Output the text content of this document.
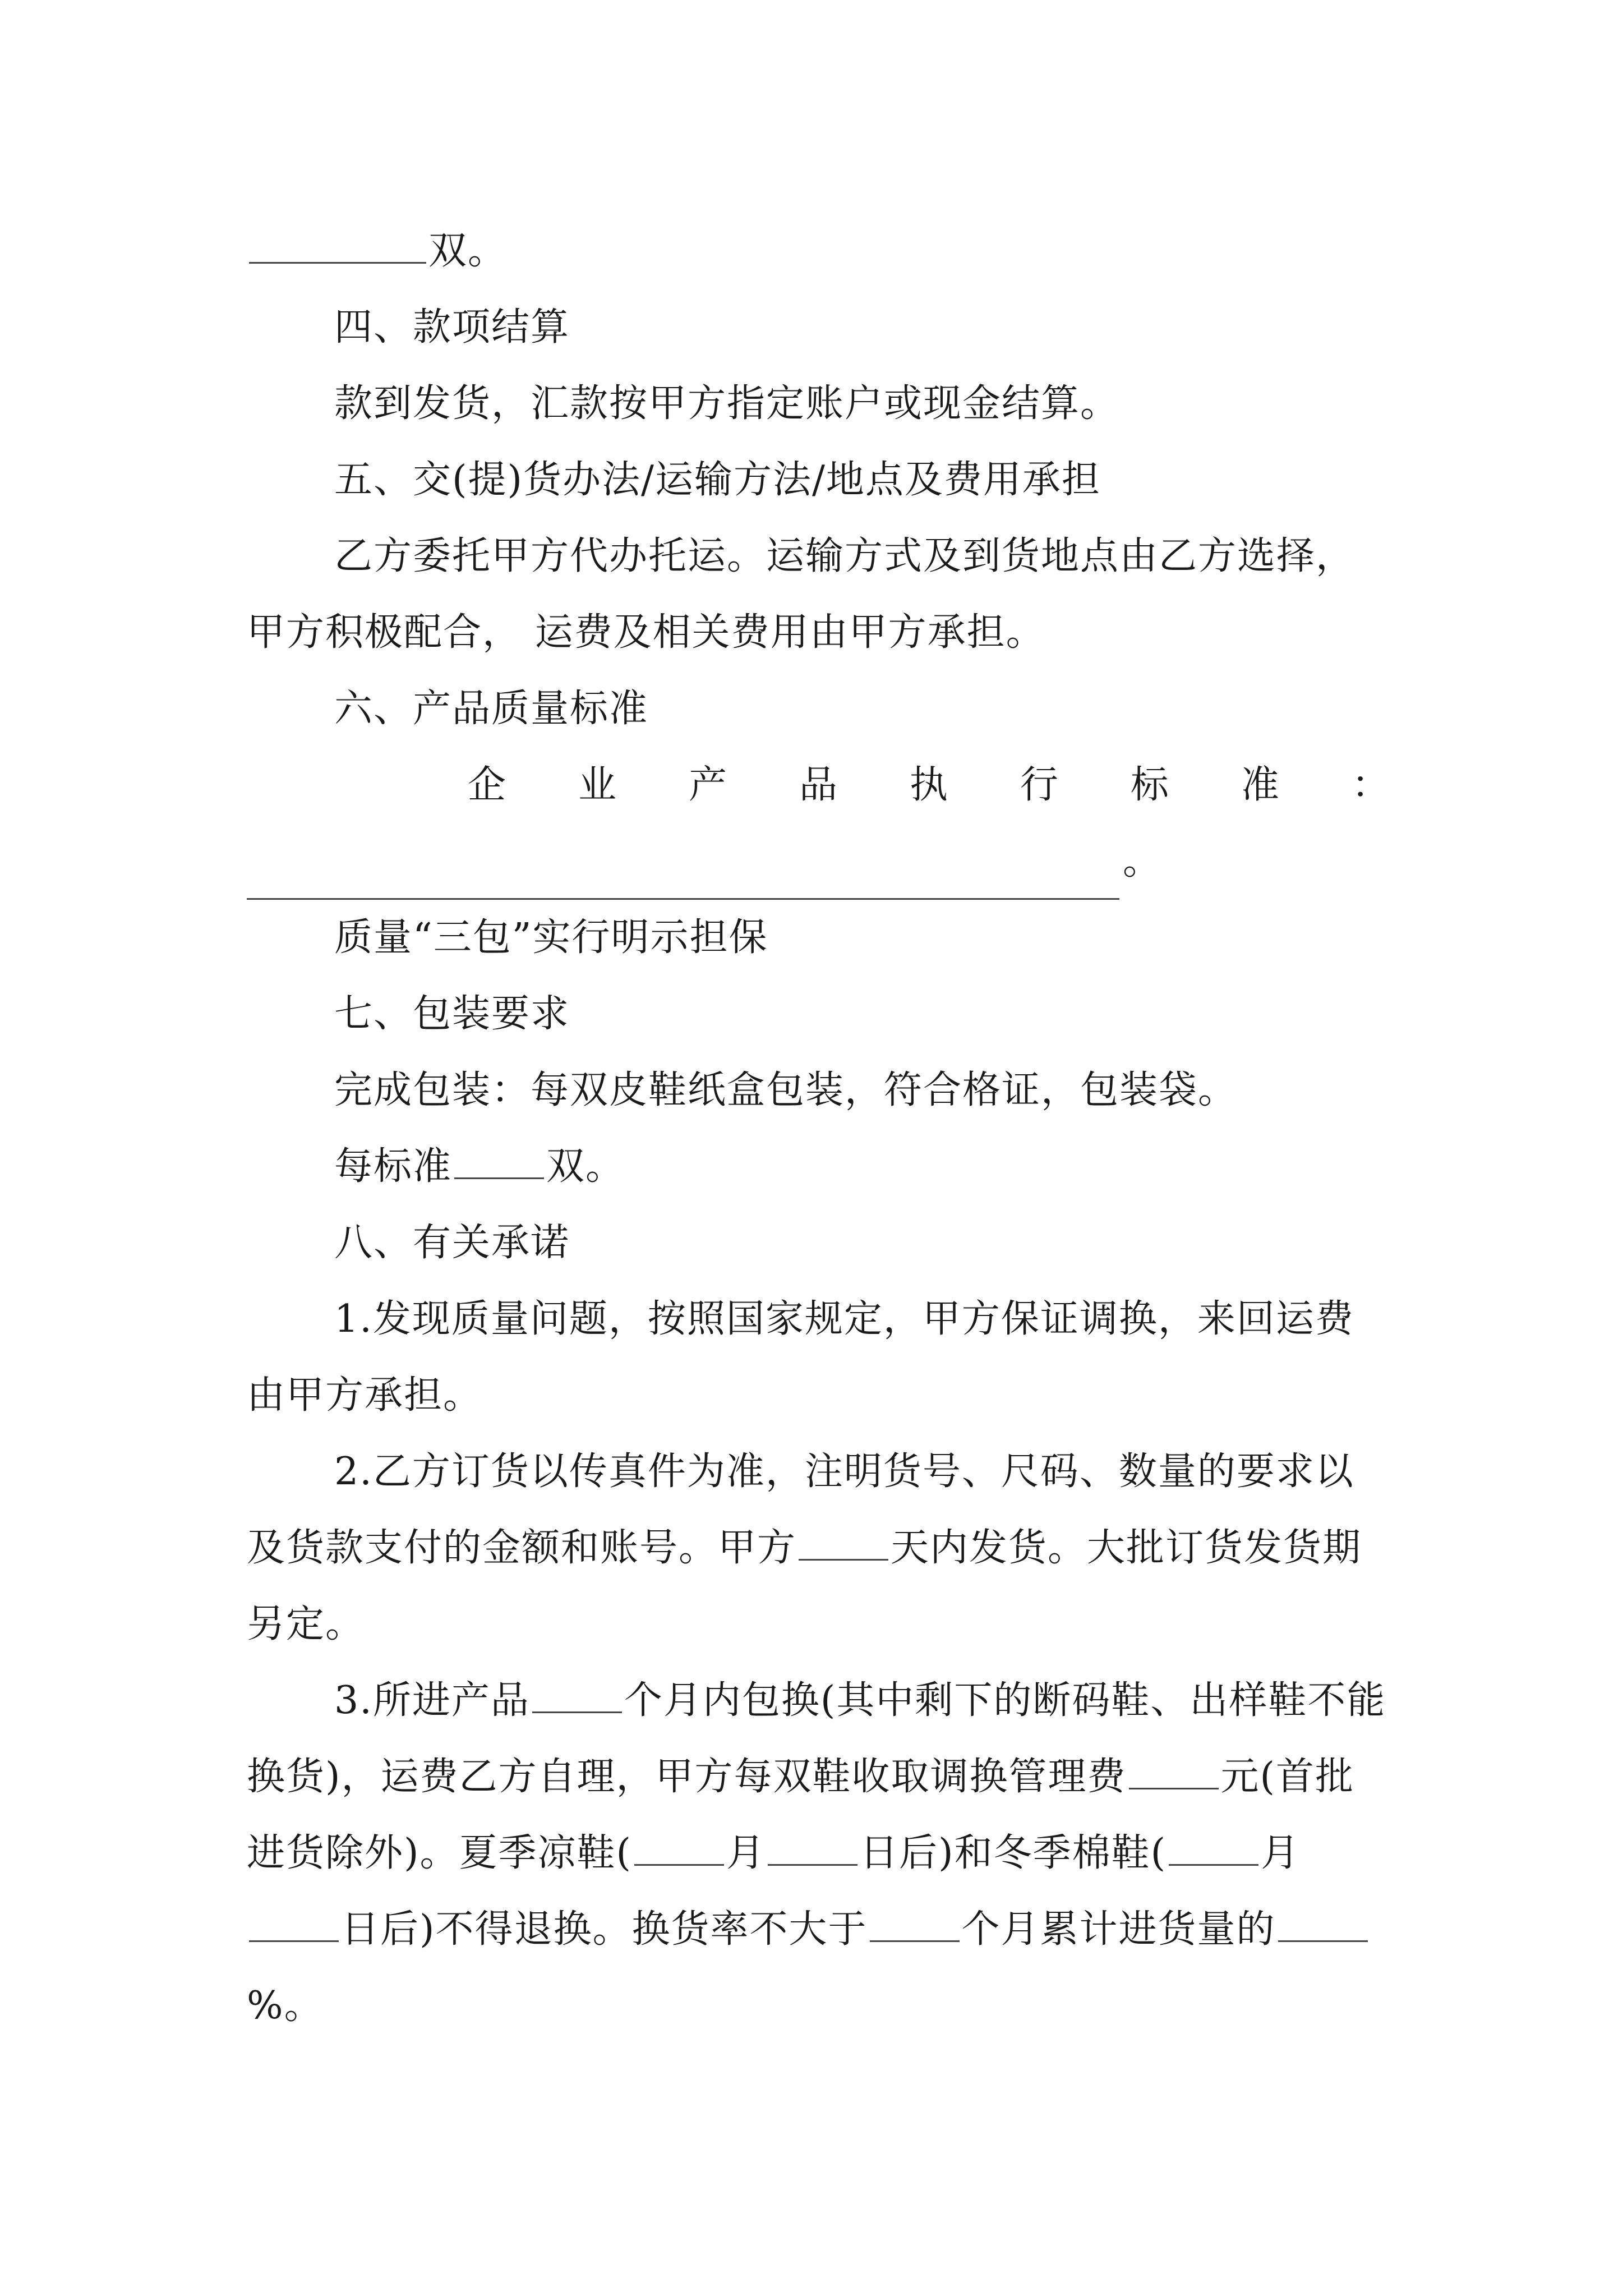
双。

四、款项结算

款到发货，汇款按甲方指定账户或现金结算。

五、交(提)货办法/运输方法/地点及费用承担

乙方委托甲方代办托运。运输方式及到货地点由乙方选择，甲方积极配合， 运费及相关费用由甲方承担。

六、产品质量标准

企 业 产 品 执 行 标 准 ：

。

质量“三包”实行明示担保

七、包装要求

完成包装：每双皮鞋纸盒包装，符合格证，包装袋。

每标准 双。

八、有关承诺

1.发现质量问题，按照国家规定，甲方保证调换，来回运费由甲方承担。

2.乙方订货以传真件为准，注明货号、尺码、数量的要求以及货款支付的金额和账号。甲方 天内发货。大批订货发货期另定。

3.所进产品 个月内包换(其中剩下的断码鞋、出样鞋不能换货)，运费乙方自理，甲方每双鞋收取调换管理费 元(首批进货除外)。夏季凉鞋( 月 日后)和冬季棉鞋( 月日后)不得退换。换货率不大于 个月累计进货量的%。
